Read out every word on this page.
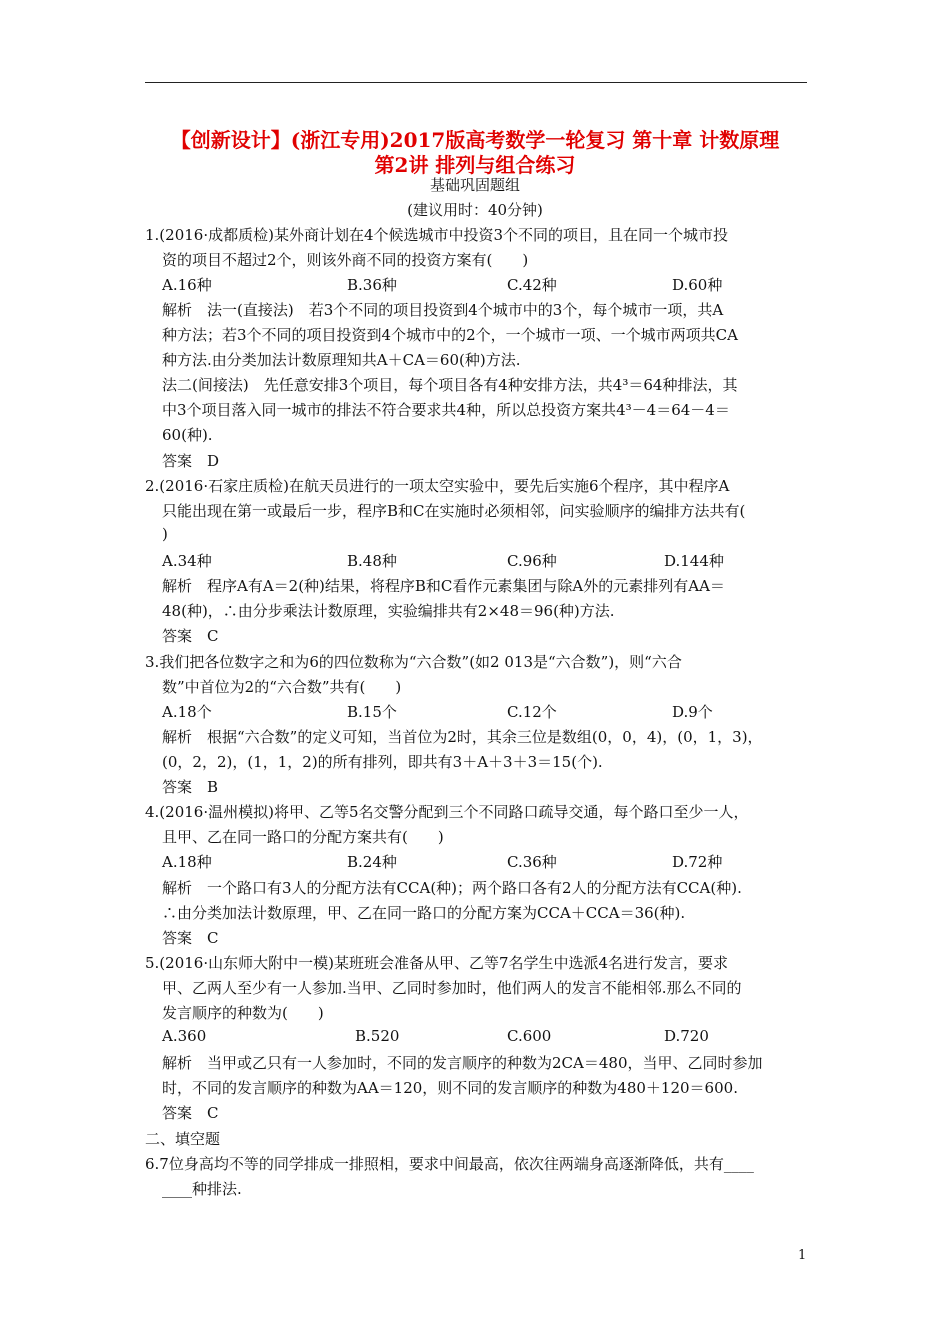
【创新设计】(浙江专用)2017版高考数学一轮复习 第十章 计数原理
第2讲 排列与组合练习
基础巩固题组
(建议用时：40分钟)
1.(2016·成都质检)某外商计划在4个候选城市中投资3个不同的项目，且在同一个城市投
资的项目不超过2个，则该外商不同的投资方案有(　　)
A.16种	B.36种	C.42种	D.60种
解析　法一(直接法)　若3个不同的项目投资到4个城市中的3个，每个城市一项，共A
种方法；若3个不同的项目投资到4个城市中的2个，一个城市一项、一个城市两项共CA
种方法.由分类加法计数原理知共A＋CA＝60(种)方法.
法二(间接法)　先任意安排3个项目，每个项目各有4种安排方法，共4³＝64种排法，其
中3个项目落入同一城市的排法不符合要求共4种，所以总投资方案共4³－4＝64－4＝
60(种).
答案　D
2.(2016·石家庄质检)在航天员进行的一项太空实验中，要先后实施6个程序，其中程序A
只能出现在第一或最后一步，程序B和C在实施时必须相邻，问实验顺序的编排方法共有(
)
A.34种	B.48种	C.96种	D.144种
解析　程序A有A＝2(种)结果，将程序B和C看作元素集团与除A外的元素排列有AA＝
48(种)，∴由分步乘法计数原理，实验编排共有2×48＝96(种)方法.
答案　C
3.我们把各位数字之和为6的四位数称为“六合数”(如2 013是“六合数”)，则“六合
数”中首位为2的“六合数”共有(　　)
A.18个	B.15个	C.12个	D.9个
解析　根据“六合数”的定义可知，当首位为2时，其余三位是数组(0，0，4)，(0，1，3)，
(0，2，2)，(1，1，2)的所有排列，即共有3＋A＋3＋3＝15(个).
答案　B
4.(2016·温州模拟)将甲、乙等5名交警分配到三个不同路口疏导交通，每个路口至少一人，
且甲、乙在同一路口的分配方案共有(　　)
A.18种	B.24种	C.36种	D.72种
解析　一个路口有3人的分配方法有CCA(种)；两个路口各有2人的分配方法有CCA(种).
∴由分类加法计数原理，甲、乙在同一路口的分配方案为CCA＋CCA＝36(种).
答案　C
5.(2016·山东师大附中一模)某班班会准备从甲、乙等7名学生中选派4名进行发言，要求
甲、乙两人至少有一人参加.当甲、乙同时参加时，他们两人的发言不能相邻.那么不同的
发言顺序的种数为(　　)
A.360	B.520	C.600	D.720
解析　当甲或乙只有一人参加时，不同的发言顺序的种数为2CA＝480，当甲、乙同时参加
时，不同的发言顺序的种数为AA＝120，则不同的发言顺序的种数为480＋120＝600.
答案　C
二、填空题
6.7位身高均不等的同学排成一排照相，要求中间最高，依次往两端身高逐渐降低，共有____
____种排法.
1
